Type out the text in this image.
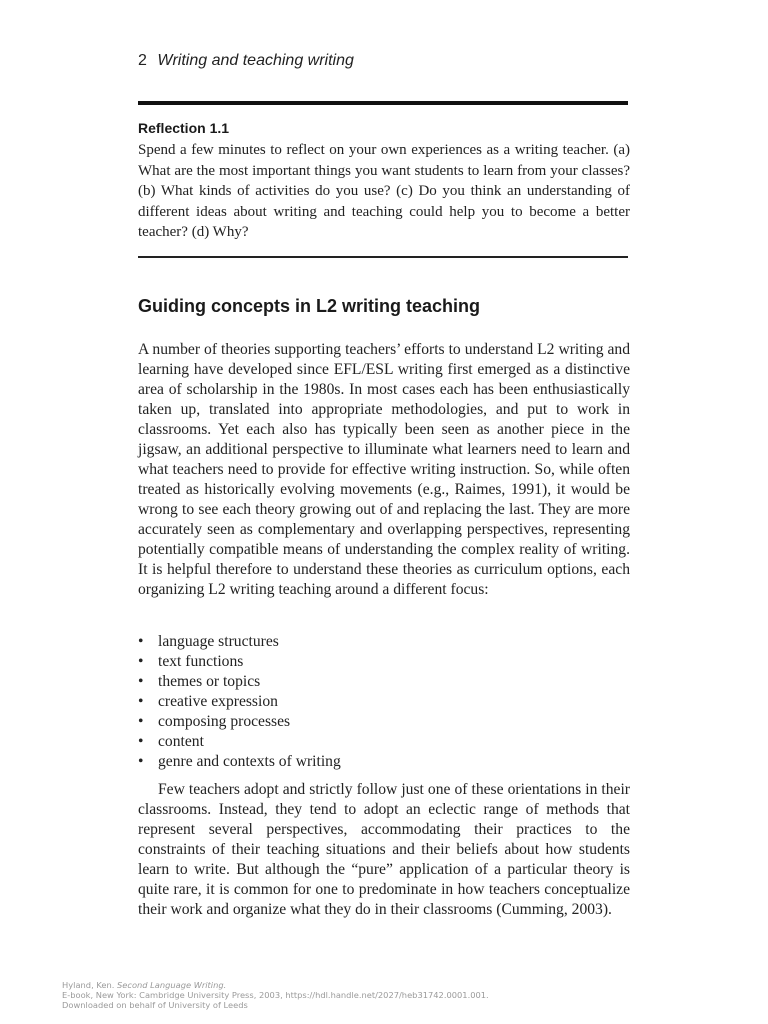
2 Writing and teaching writing
Reflection 1.1
Spend a few minutes to reflect on your own experiences as a writing teacher. (a) What are the most important things you want students to learn from your classes? (b) What kinds of activities do you use? (c) Do you think an understanding of different ideas about writing and teaching could help you to become a better teacher? (d) Why?
Guiding concepts in L2 writing teaching
A number of theories supporting teachers’ efforts to understand L2 writing and learning have developed since EFL/ESL writing first emerged as a distinctive area of scholarship in the 1980s. In most cases each has been enthusiastically taken up, translated into appropriate methodologies, and put to work in classrooms. Yet each also has typically been seen as another piece in the jigsaw, an additional perspective to illuminate what learners need to learn and what teachers need to provide for effective writing instruction. So, while often treated as historically evolving movements (e.g., Raimes, 1991), it would be wrong to see each theory growing out of and replacing the last. They are more accurately seen as complementary and overlapping perspectives, representing potentially compatible means of understanding the complex reality of writing. It is helpful therefore to understand these theories as curriculum options, each organizing L2 writing teaching around a different focus:
• language structures
• text functions
• themes or topics
• creative expression
• composing processes
• content
• genre and contexts of writing
Few teachers adopt and strictly follow just one of these orientations in their classrooms. Instead, they tend to adopt an eclectic range of methods that represent several perspectives, accommodating their practices to the constraints of their teaching situations and their beliefs about how students learn to write. But although the “pure” application of a particular theory is quite rare, it is common for one to predominate in how teachers conceptualize their work and organize what they do in their classrooms (Cumming, 2003).
Hyland, Ken. Second Language Writing.
E-book, New York: Cambridge University Press, 2003, https://hdl.handle.net/2027/heb31742.0001.001.
Downloaded on behalf of University of Leeds
